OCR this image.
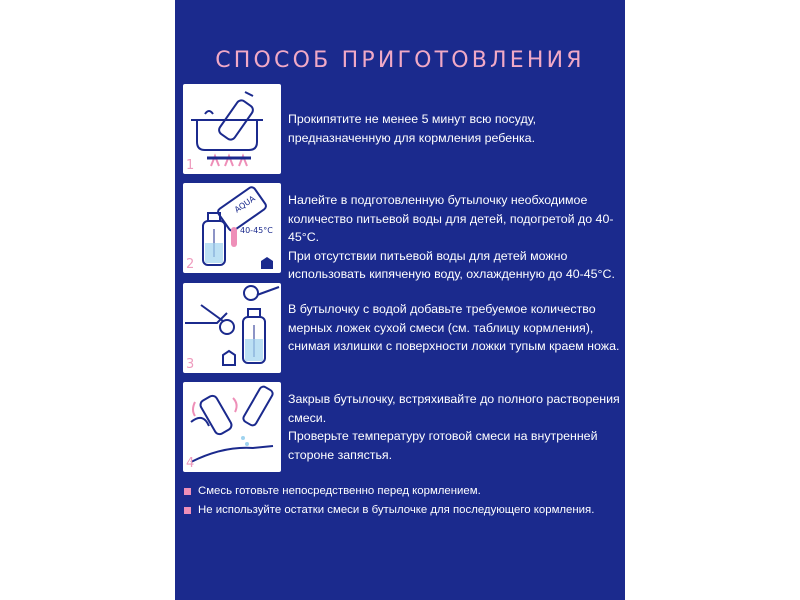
СПОСОБ ПРИГОТОВЛЕНИЯ
1
Прокипятите не менее 5 минут всю посуду,
предназначенную для кормления ребенка.
AQUA
40-45°C
2
Налейте в подготовленную бутылочку необходимое
количество питьевой воды для детей, подогретой до 40-45°C.
При отсутствии питьевой воды для детей можно
использовать кипяченую воду, охлажденную до 40-45°C.
3
В бутылочку с водой добавьте требуемое количество
мерных ложек сухой смеси (см. таблицу кормления),
снимая излишки с поверхности ложки тупым краем ножа.
4
Закрыв бутылочку, встряхивайте до полного растворения
смеси.
Проверьте температуру готовой смеси на внутренней
стороне запястья.
Смесь готовьте непосредственно перед кормлением.
Не используйте остатки смеси в бутылочке для последующего кормления.
